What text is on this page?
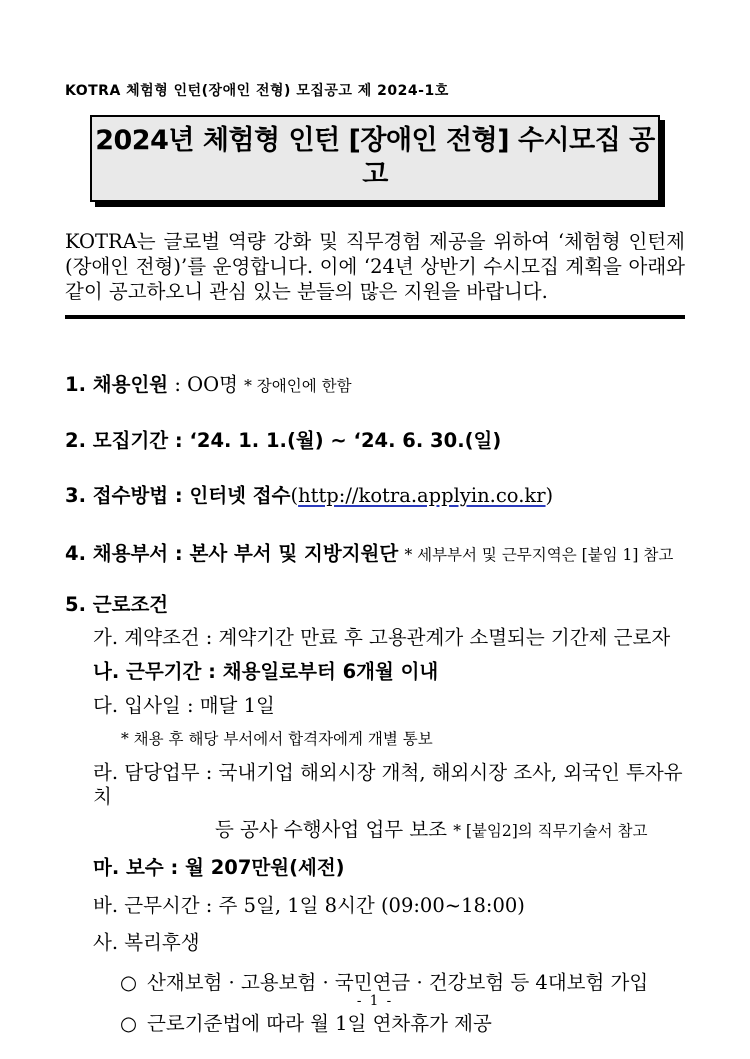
KOTRA 체험형 인턴(장애인 전형) 모집공고 제 2024-1호
2024년 체험형 인턴 [장애인 전형] 수시모집 공고

KOTRA는 글로벌 역량 강화 및 직무경험 제공을 위하여 ‘체험형 인턴제(장애인 전형)’를 운영합니다. 이에 ‘24년 상반기 수시모집 계획을 아래와 같이 공고하오니 관심 있는 분들의 많은 지원을 바랍니다.

1. 채용인원 : OO명 * 장애인에 한함
2. 모집기간 : ‘24. 1. 1.(월) ~ ‘24. 6. 30.(일)
3. 접수방법 : 인터넷 접수(http://kotra.applyin.co.kr)
4. 채용부서 : 본사 부서 및 지방지원단 * 세부부서 및 근무지역은 [붙임 1] 참고
5. 근로조건
가. 계약조건 : 계약기간 만료 후 고용관계가 소멸되는 기간제 근로자
나. 근무기간 : 채용일로부터 6개월 이내
다. 입사일 : 매달 1일
* 채용 후 해당 부서에서 합격자에게 개별 통보
라. 담당업무 : 국내기업 해외시장 개척, 해외시장 조사, 외국인 투자유치
등 공사 수행사업 업무 보조 * [붙임2]의 직무기술서 참고
마. 보수 : 월 207만원(세전)
바. 근무시간 : 주 5일, 1일 8시간 (09:00~18:00)
사. 복리후생
○ 산재보험 · 고용보험 · 국민연금 · 건강보험 등 4대보험 가입
○ 근로기준법에 따라 월 1일 연차휴가 제공
- 1 -
